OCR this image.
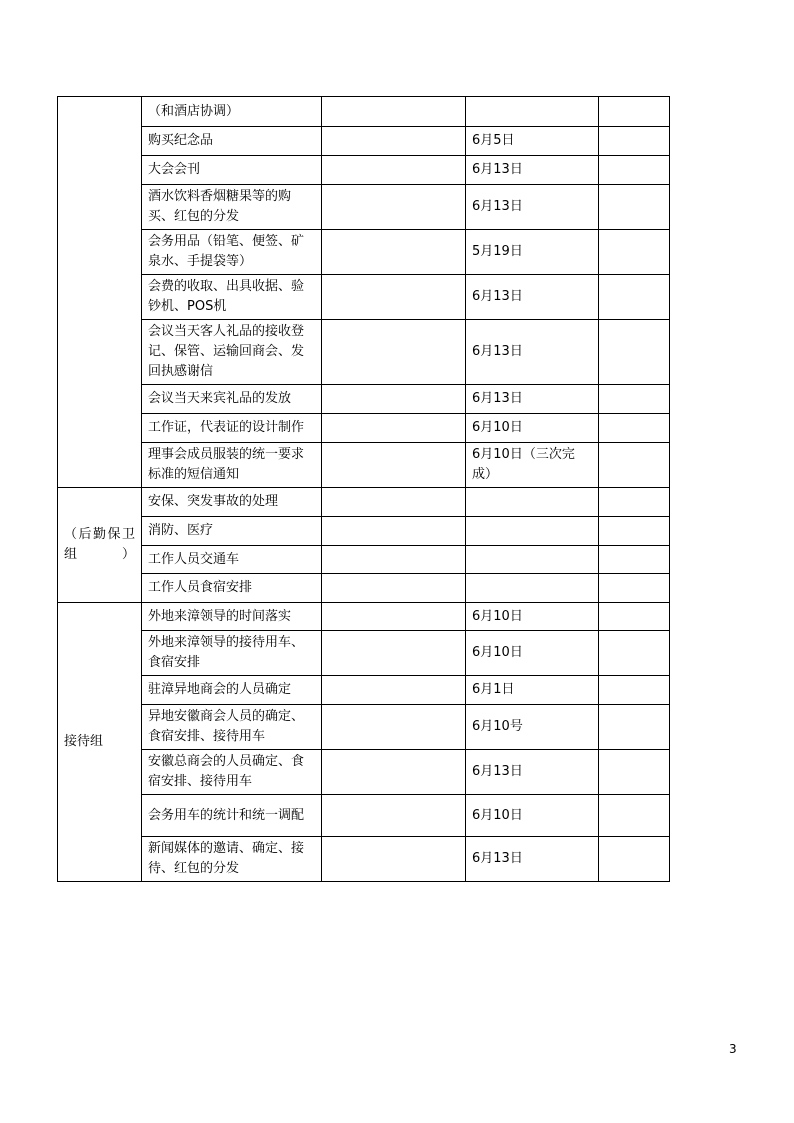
	（和酒店协调）			
	购买纪念品		6月5日	
	大会会刊		6月13日	
	酒水饮料香烟糖果等的购买、红包的分发		6月13日	
	会务用品（铅笔、便签、矿泉水、手提袋等）		5月19日	
	会费的收取、出具收据、验钞机、POS机		6月13日	
	会议当天客人礼品的接收登记、保管、运输回商会、发回执感谢信		6月13日	
	会议当天来宾礼品的发放		6月13日	
	工作证，代表证的设计制作		6月10日	
	理事会成员服装的统一要求标准的短信通知		6月10日（三次完成）	
（后勤保卫组）	安保、突发事故的处理			
	消防、医疗			
	工作人员交通车			
	工作人员食宿安排			
接待组	外地来漳领导的时间落实		6月10日	
	外地来漳领导的接待用车、食宿安排		6月10日	
	驻漳异地商会的人员确定		6月1日	
	异地安徽商会人员的确定、食宿安排、接待用车		6月10号	
	安徽总商会的人员确定、食宿安排、接待用车		6月13日	
	会务用车的统计和统一调配		6月10日	
	新闻媒体的邀请、确定、接待、红包的分发		6月13日	
3
